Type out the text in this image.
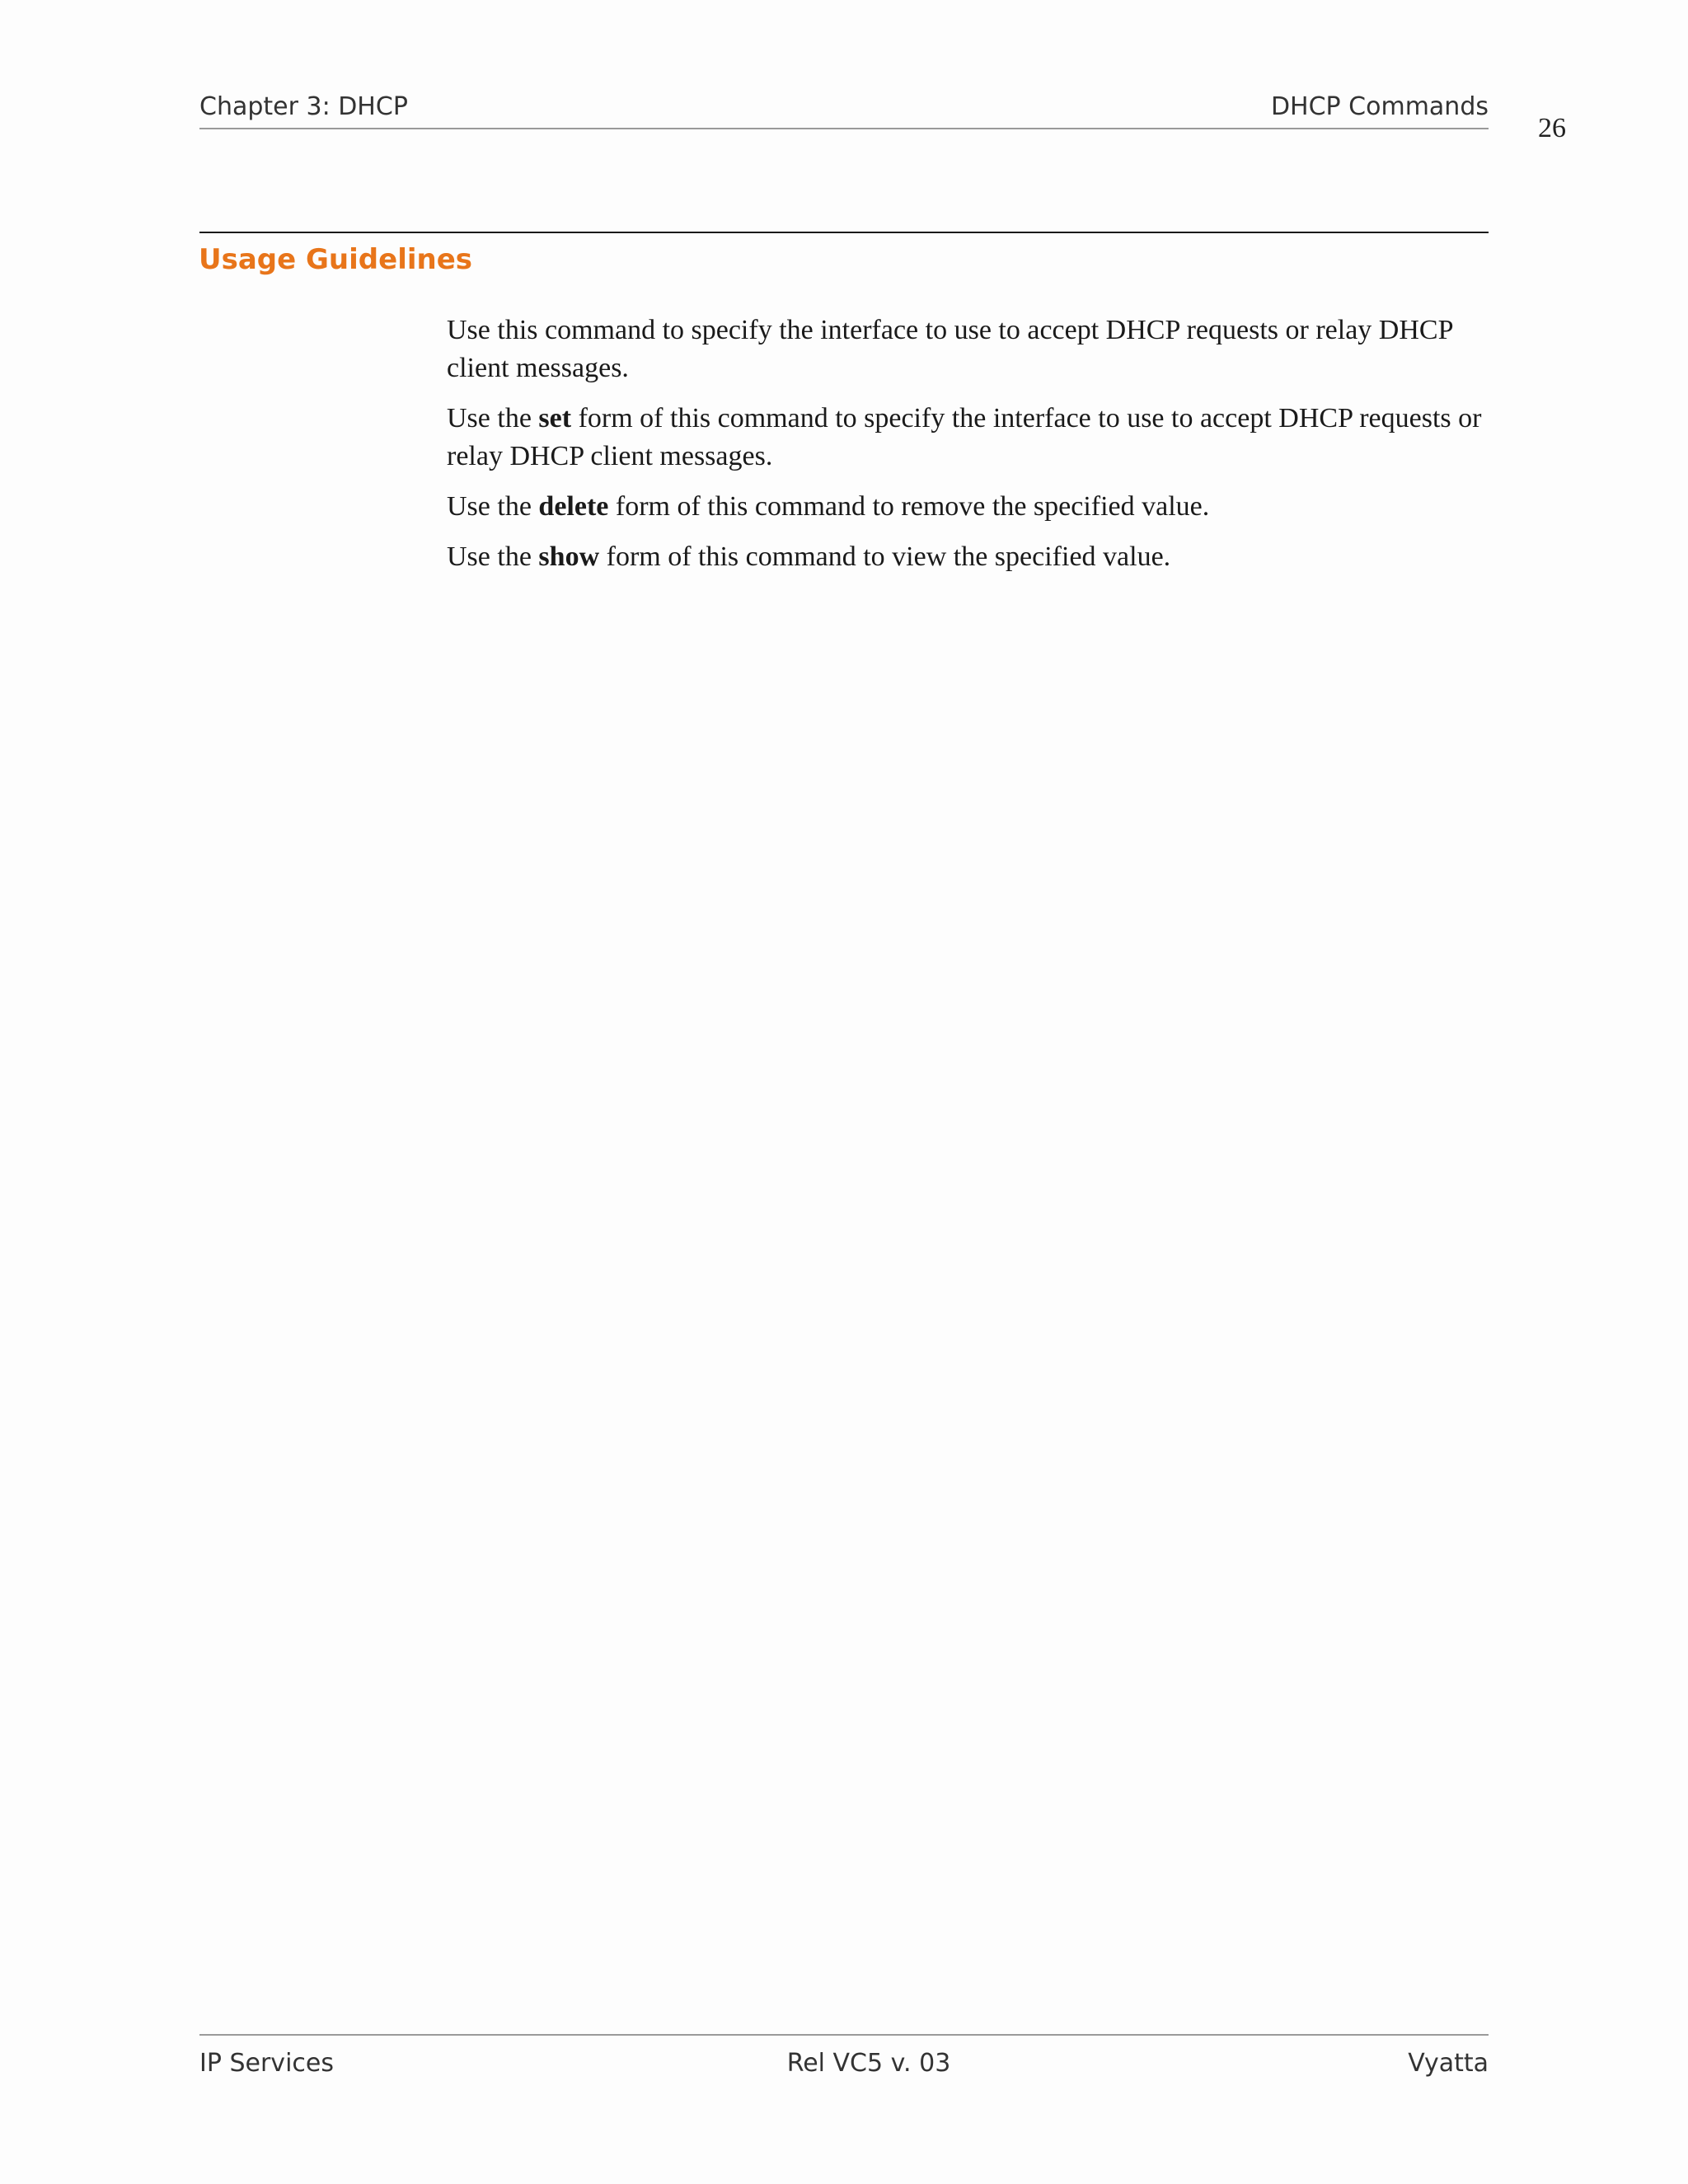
Chapter 3: DHCP	DHCP Commands
26
Usage Guidelines

Use this command to specify the interface to use to accept DHCP requests or relay DHCP client messages.

Use the set form of this command to specify the interface to use to accept DHCP requests or relay DHCP client messages.

Use the delete form of this command to remove the specified value.

Use the show form of this command to view the specified value.

IP Services	Rel VC5 v. 03	Vyatta
